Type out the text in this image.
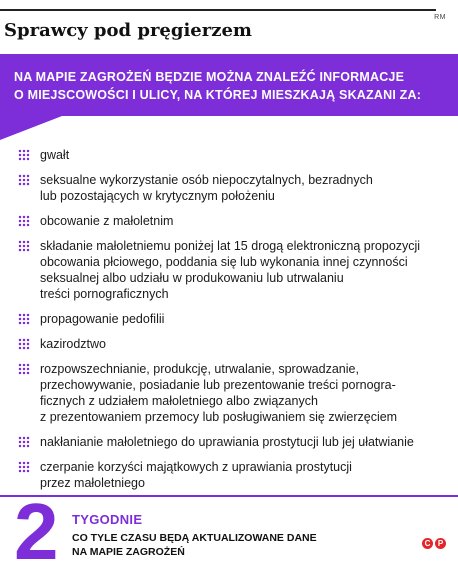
RM
Sprawcy pod pręgierzem
NA MAPIE ZAGROŻEŃ BĘDZIE MOŻNA ZNALEŹĆ INFORMACJE
O MIEJSCOWOŚCI I ULICY, NA KTÓREJ MIESZKAJĄ SKAZANI ZA:
gwałt
seksualne wykorzystanie osób niepoczytalnych, bezradnych
lub pozostających w krytycznym położeniu
obcowanie z małoletnim
składanie małoletniemu poniżej lat 15 drogą elektroniczną propozycji
obcowania płciowego, poddania się lub wykonania innej czynności
seksualnej albo udziału w produkowaniu lub utrwalaniu
treści pornograficznych
propagowanie pedofilii
kazirodztwo
rozpowszechnianie, produkcję, utrwalanie, sprowadzanie,
przechowywanie, posiadanie lub prezentowanie treści pornogra-
ficznych z udziałem małoletniego albo związanych
z prezentowaniem przemocy lub posługiwaniem się zwierzęciem
nakłanianie małoletniego do uprawiania prostytucji lub jej ułatwianie
czerpanie korzyści majątkowych z uprawiania prostytucji
przez małoletniego
2 TYGODNIE
CO TYLE CZASU BĘDĄ AKTUALIZOWANE DANE
NA MAPIE ZAGROŻEŃ
C P
